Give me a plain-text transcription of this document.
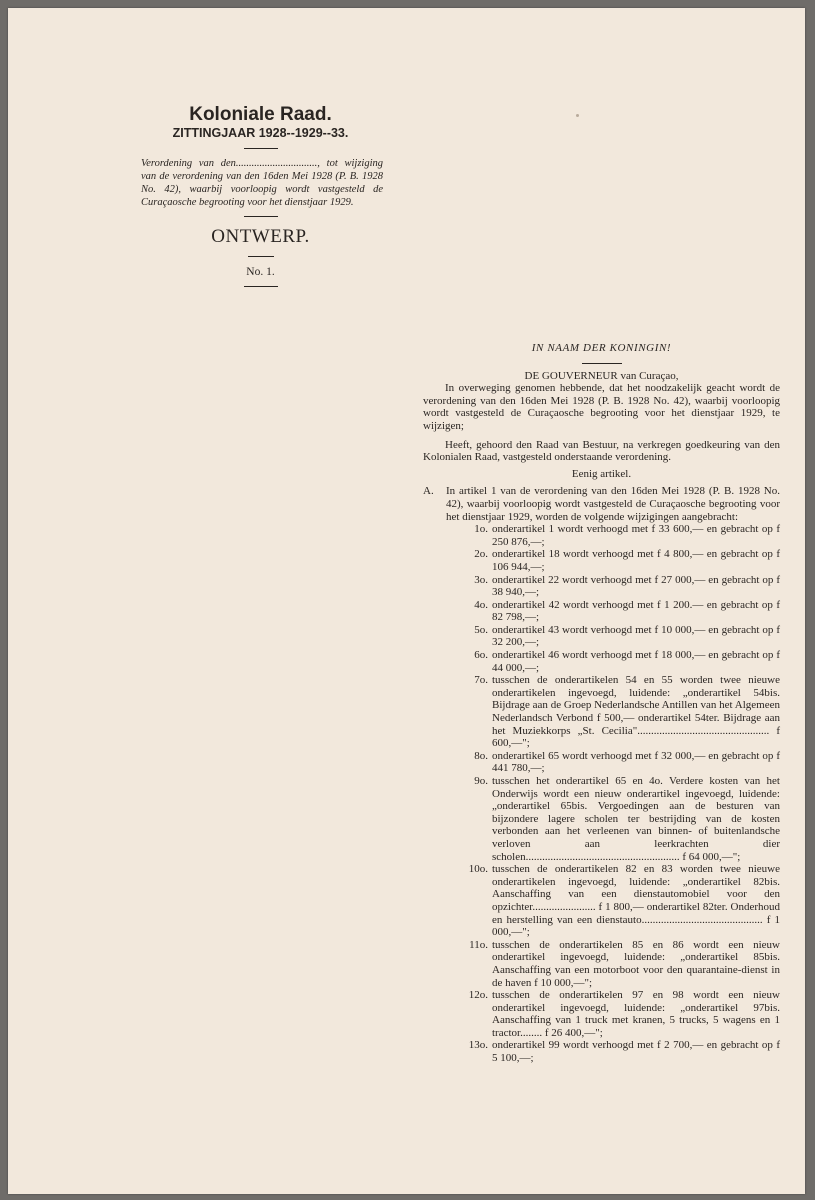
Koloniale Raad.

ZITTINGJAAR 1928--1929--33.

Verordening van den..............................., tot wijziging van de verordening van den 16den Mei 1928 (P. B. 1928 No. 42), waarbij voorloopig wordt vastgesteld de Curaçaosche begrooting voor het dienstjaar 1929.

ONTWERP.

No. 1.

IN NAAM DER KONINGIN!

DE GOUVERNEUR van Curaçao,

In overweging genomen hebbende, dat het noodzakelijk geacht wordt de verordening van den 16den Mei 1928 (P. B. 1928 No. 42), waarbij voorloopig wordt vastgesteld de Curaçaosche begrooting voor het dienstjaar 1929, te wijzigen;

Heeft, gehoord den Raad van Bestuur, na verkregen goedkeuring van den Kolonialen Raad, vastgesteld onderstaande verordening.

Eenig artikel.

A.	In artikel 1 van de verordening van den 16den Mei 1928 (P. B. 1928 No. 42), waarbij voorloopig wordt vastgesteld de Curaçaosche begrooting voor het dienstjaar 1929, worden de volgende wijzigingen aangebracht:
1o. onderartikel 1 wordt verhoogd met f 33 600,— en gebracht op f 250 876,—;
2o. onderartikel 18 wordt verhoogd met f 4 800,— en gebracht op f 106 944,—;
3o. onderartikel 22 wordt verhoogd met f 27 000,— en gebracht op f 38 940,—;
4o. onderartikel 42 wordt verhoogd met f 1 200.— en gebracht op f 82 798,—;
5o. onderartikel 43 wordt verhoogd met f 10 000,— en gebracht op f 32 200,—;
6o. onderartikel 46 wordt verhoogd met f 18 000,— en gebracht op f 44 000,—;
7o. tusschen de onderartikelen 54 en 55 worden twee nieuwe onderartikelen ingevoegd, luidende: „onderartikel 54bis. Bijdrage aan de Groep Nederlandsche Antillen van het Algemeen Nederlandsch Verbond f 500,— onderartikel 54ter. Bijdrage aan het Muziekkorps „St. Cecilia"................................................ f 600,—";
8o. onderartikel 65 wordt verhoogd met f 32 000,— en gebracht op f 441 780,—;
9o. tusschen het onderartikel 65 en 4o. Verdere kosten van het Onderwijs wordt een nieuw onderartikel ingevoegd, luidende: „onderartikel 65bis. Vergoedingen aan de besturen van bijzondere lagere scholen ter bestrijding van de kosten verbonden aan het verleenen van binnen- of buitenlandsche verloven aan leerkrachten dier scholen........................................................ f 64 000,—";
10o. tusschen de onderartikelen 82 en 83 worden twee nieuwe onderartikelen ingevoegd, luidende: „onderartikel 82bis. Aanschaffing van een dienstautomobiel voor den opzichter....................... f 1 800,— onderartikel 82ter. Onderhoud en herstelling van een dienstauto............................................ f 1 000,—";
11o. tusschen de onderartikelen 85 en 86 wordt een nieuw onderartikel ingevoegd, luidende: „onderartikel 85bis. Aanschaffing van een motorboot voor den quarantaine-dienst in de haven f 10 000,—";
12o. tusschen de onderartikelen 97 en 98 wordt een nieuw onderartikel ingevoegd, luidende: „onderartikel 97bis. Aanschaffing van 1 truck met kranen, 5 trucks, 5 wagens en 1 tractor........ f 26 400,—";
13o. onderartikel 99 wordt verhoogd met f 2 700,— en gebracht op f 5 100,—;
